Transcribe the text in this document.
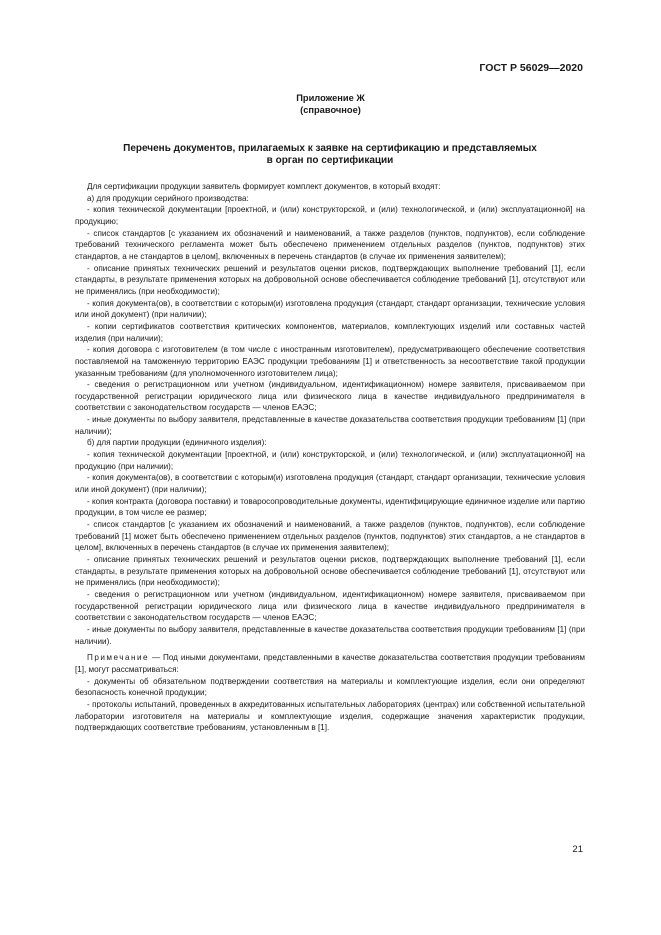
ГОСТ Р 56029—2020
Приложение Ж
(справочное)
Перечень документов, прилагаемых к заявке на сертификацию и представляемых
в орган по сертификации

Для сертификации продукции заявитель формирует комплект документов, в который входят:

а) для продукции серийного производства:

- копия технической документации [проектной, и (или) конструкторской, и (или) технологической, и (или) эксплуатационной] на продукцию;

- список стандартов [с указанием их обозначений и наименований, а также разделов (пунктов, подпунктов), если соблюдение требований технического регламента может быть обеспечено применением отдельных разделов (пунктов, подпунктов) этих стандартов, а не стандартов в целом], включенных в перечень стандартов (в случае их применения заявителем);

- описание принятых технических решений и результатов оценки рисков, подтверждающих выполнение требований [1], если стандарты, в результате применения которых на добровольной основе обеспечивается соблюдение требований [1], отсутствуют или не применялись (при необходимости);

- копия документа(ов), в соответствии с которым(и) изготовлена продукция (стандарт, стандарт организации, технические условия или иной документ) (при наличии);

- копии сертификатов соответствия критических компонентов, материалов, комплектующих изделий или составных частей изделия (при наличии);

- копия договора с изготовителем (в том числе с иностранным изготовителем), предусматривающего обеспечение соответствия поставляемой на таможенную территорию ЕАЭС продукции требованиям [1] и ответственность за несоответствие такой продукции указанным требованиям (для уполномоченного изготовителем лица);

- сведения о регистрационном или учетном (индивидуальном, идентификационном) номере заявителя, присваиваемом при государственной регистрации юридического лица или физического лица в качестве индивидуального предпринимателя в соответствии с законодательством государств — членов ЕАЭС;

- иные документы по выбору заявителя, представленные в качестве доказательства соответствия продукции требованиям [1] (при наличии);

б) для партии продукции (единичного изделия):

- копия технической документации [проектной, и (или) конструкторской, и (или) технологической, и (или) эксплуатационной] на продукцию (при наличии);

- копия документа(ов), в соответствии с которым(и) изготовлена продукция (стандарт, стандарт организации, технические условия или иной документ) (при наличии);

- копия контракта (договора поставки) и товаросопроводительные документы, идентифицирующие единичное изделие или партию продукции, в том числе ее размер;

- список стандартов [с указанием их обозначений и наименований, а также разделов (пунктов, подпунктов), если соблюдение требований [1] может быть обеспечено применением отдельных разделов (пунктов, подпунктов) этих стандартов, а не стандартов в целом], включенных в перечень стандартов (в случае их применения заявителем);

- описание принятых технических решений и результатов оценки рисков, подтверждающих выполнение требований [1], если стандарты, в результате применения которых на добровольной основе обеспечивается соблюдение требований [1], отсутствуют или не применялись (при необходимости);

- сведения о регистрационном или учетном (индивидуальном, идентификационном) номере заявителя, присваиваемом при государственной регистрации юридического лица или физического лица в качестве индивидуального предпринимателя в соответствии с законодательством государств — членов ЕАЭС;

- иные документы по выбору заявителя, представленные в качестве доказательства соответствия продукции требованиям [1] (при наличии).

Примечание — Под иными документами, представленными в качестве доказательства соответствия продукции требованиям [1], могут рассматриваться:

- документы об обязательном подтверждении соответствия на материалы и комплектующие изделия, если они определяют безопасность конечной продукции;

- протоколы испытаний, проведенных в аккредитованных испытательных лабораториях (центрах) или собственной испытательной лаборатории изготовителя на материалы и комплектующие изделия, содержащие значения характеристик продукции, подтверждающих соответствие требованиям, установленным в [1].

21
